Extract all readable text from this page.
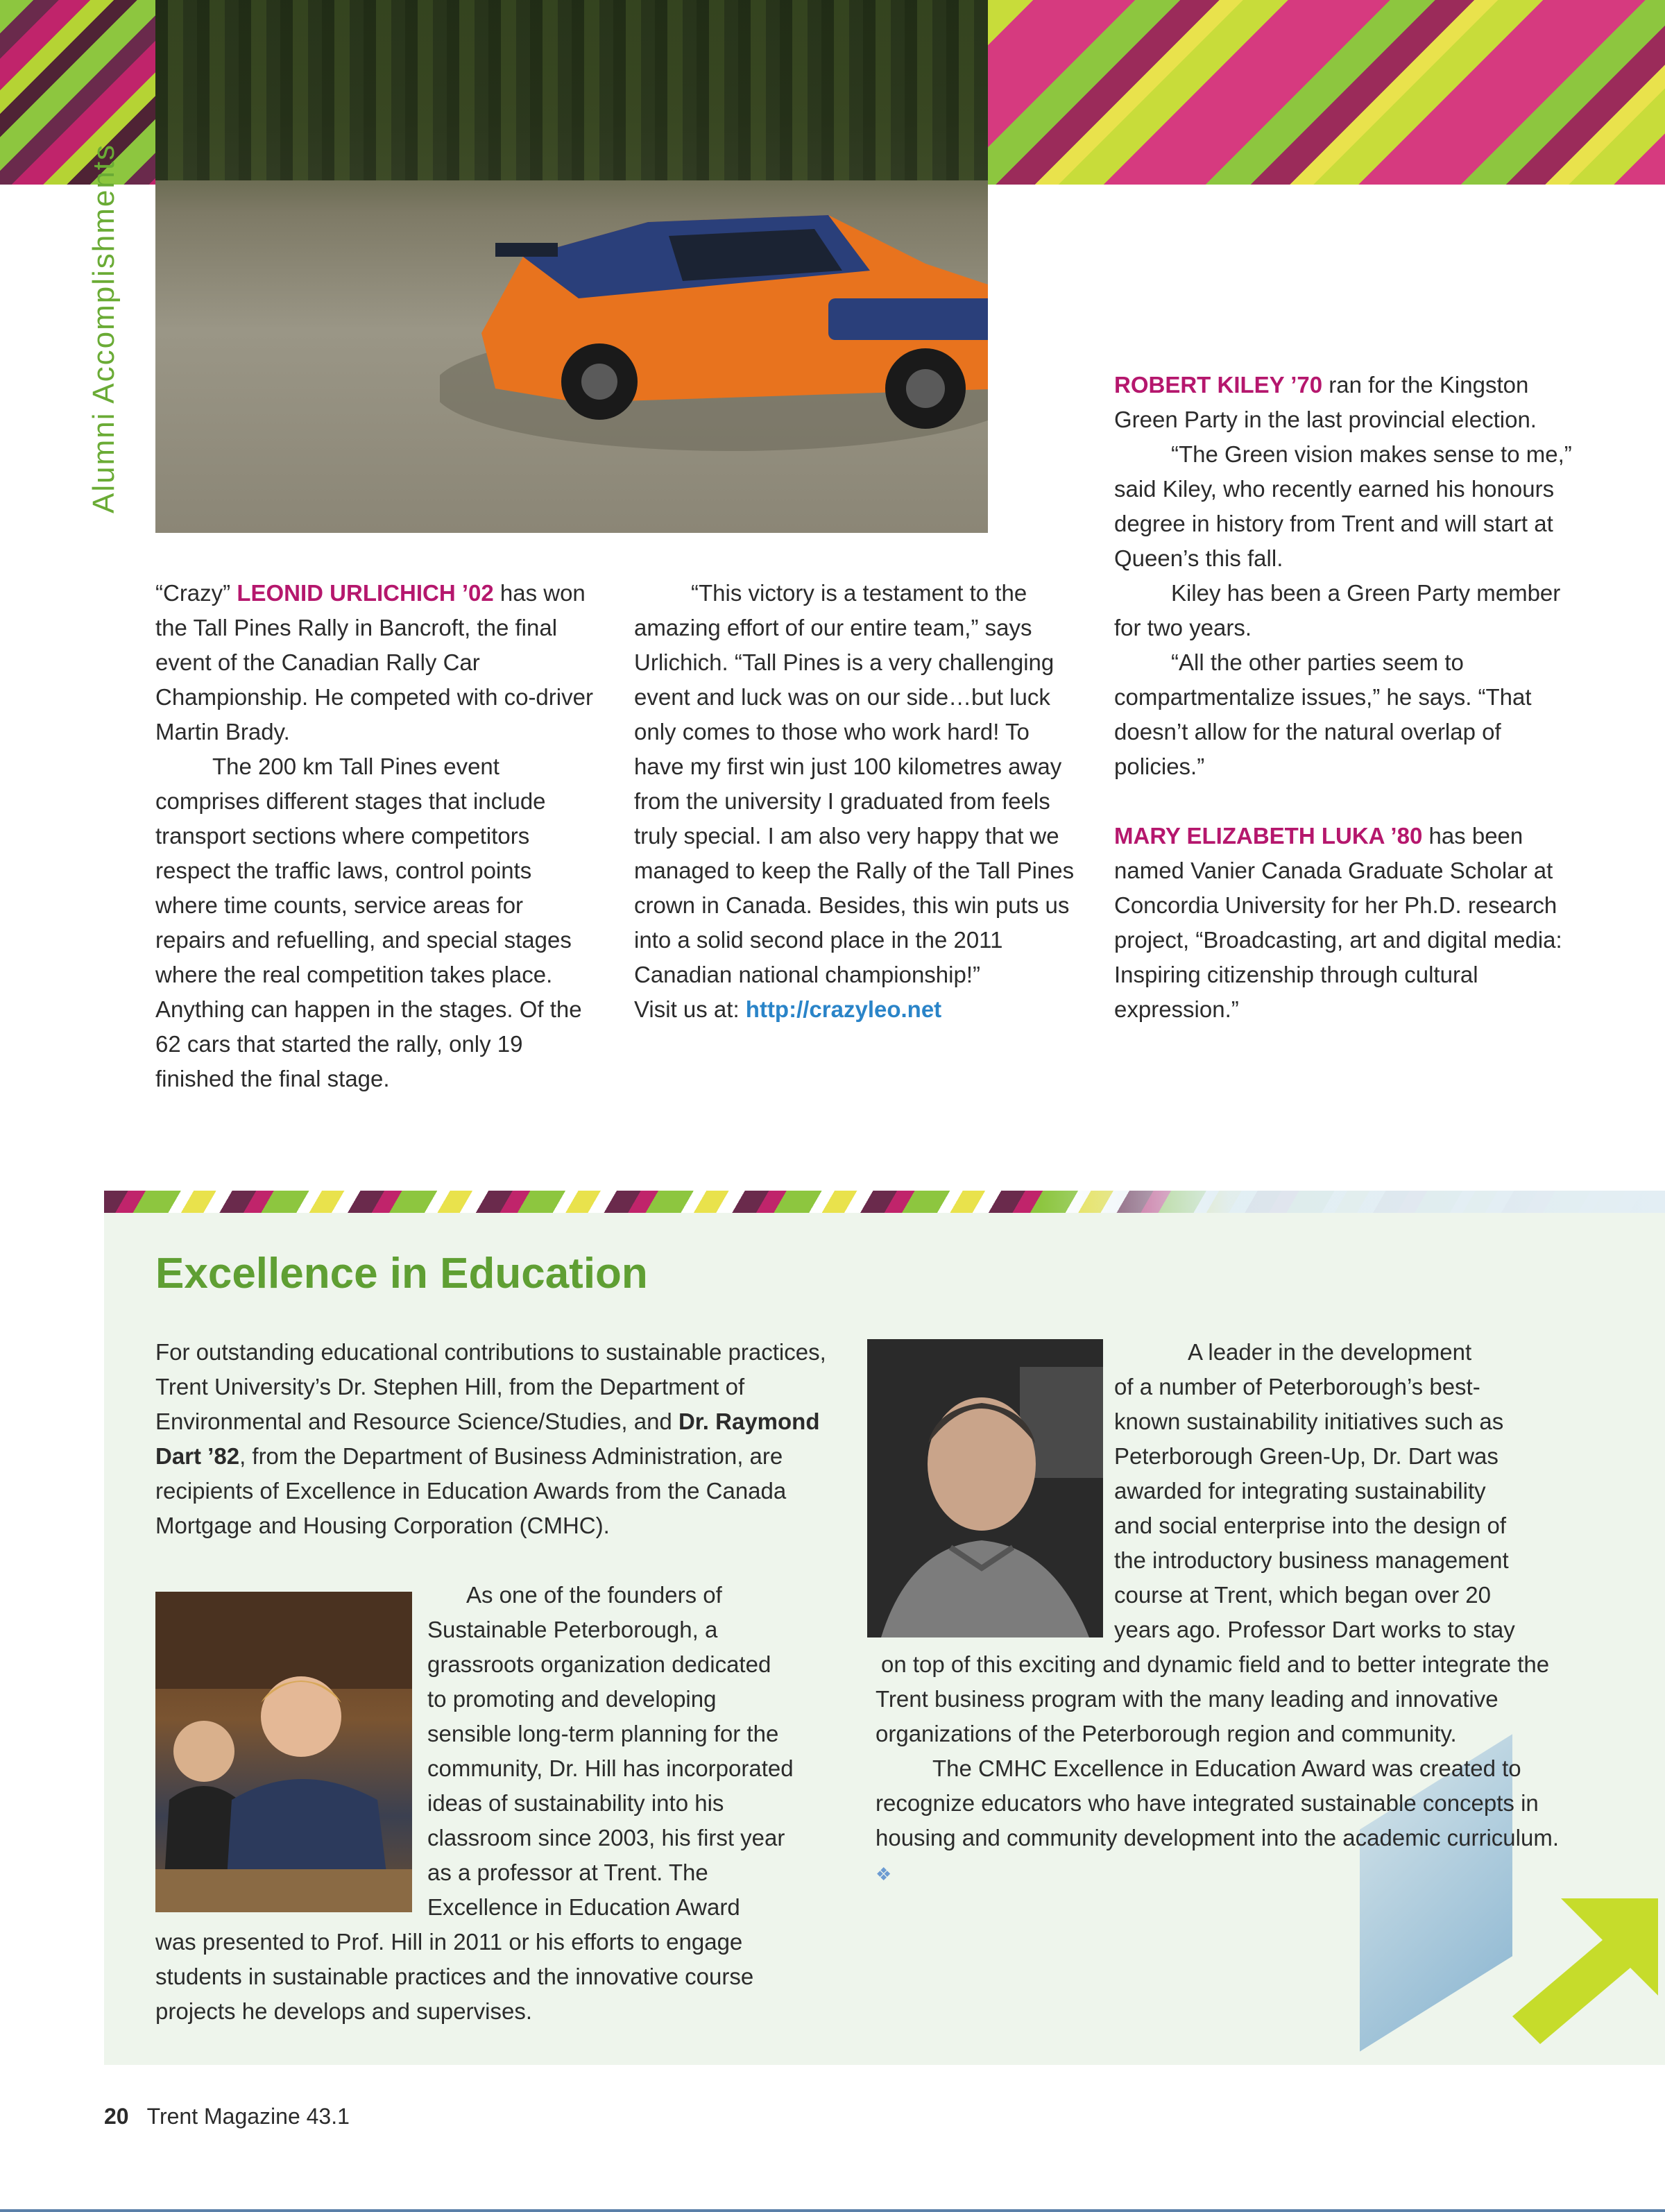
Alumni Accomplishments

“Crazy” LEONID URLICHICH ’02 has won the Tall Pines Rally in Bancroft, the final event of the Canadian Rally Car Championship. He competed with co-driver Martin Brady.

The 200 km Tall Pines event comprises different stages that include transport sections where competitors respect the traffic laws, control points where time counts, service areas for repairs and refuelling, and special stages where the real competition takes place. Anything can happen in the stages. Of the 62 cars that started the rally, only 19 finished the final stage.

“This victory is a testament to the amazing effort of our entire team,” says Urlichich. “Tall Pines is a very challenging event and luck was on our side…but luck only comes to those who work hard! To have my first win just 100 kilometres away from the university I graduated from feels truly special. I am also very happy that we managed to keep the Rally of the Tall Pines crown in Canada. Besides, this win puts us into a solid second place in the 2011 Canadian national championship!”

Visit us at: http://crazyleo.net

ROBERT KILEY ’70 ran for the Kingston Green Party in the last provincial election.

“The Green vision makes sense to me,” said Kiley, who recently earned his honours degree in history from Trent and will start at Queen’s this fall.

Kiley has been a Green Party member for two years.

“All the other parties seem to compartmentalize issues,” he says. “That doesn’t allow for the natural overlap of policies.”

MARY ELIZABETH LUKA ’80 has been named Vanier Canada Graduate Scholar at Concordia University for her Ph.D. research project, “Broadcasting, art and digital media: Inspiring citizenship through cultural expression.”

Excellence in Education

For outstanding educational contributions to sustainable practices, Trent University’s Dr. Stephen Hill, from the Department of Environmental and Resource Science/Studies, and Dr. Raymond Dart ’82, from the Department of Business Administration, are recipients of Excellence in Education Awards from the Canada Mortgage and Housing Corporation (CMHC).

As one of the founders of

Sustainable Peterborough, a

grassroots organization dedicated

to promoting and developing

sensible long-term planning for the

community, Dr. Hill has incorporated

ideas of sustainability into his

classroom since 2003, his first year

as a professor at Trent. The

Excellence in Education Award

was presented to Prof. Hill in 2011 or his efforts to engage students in sustainable practices and the innovative course projects he develops and supervises.

A leader in the development

of a number of Peterborough’s best-

known sustainability initiatives such as

Peterborough Green-Up, Dr. Dart was

awarded for integrating sustainability

and social enterprise into the design of

the introductory business management

course at Trent, which began over 20

years ago. Professor Dart works to stay

on top of this exciting and dynamic field and to better integrate the Trent business program with the many leading and innovative organizations of the Peterborough region and community.

The CMHC Excellence in Education Award was created to recognize educators who have integrated sustainable concepts in housing and community development into the academic curriculum. ❖

20 Trent Magazine 43.1
